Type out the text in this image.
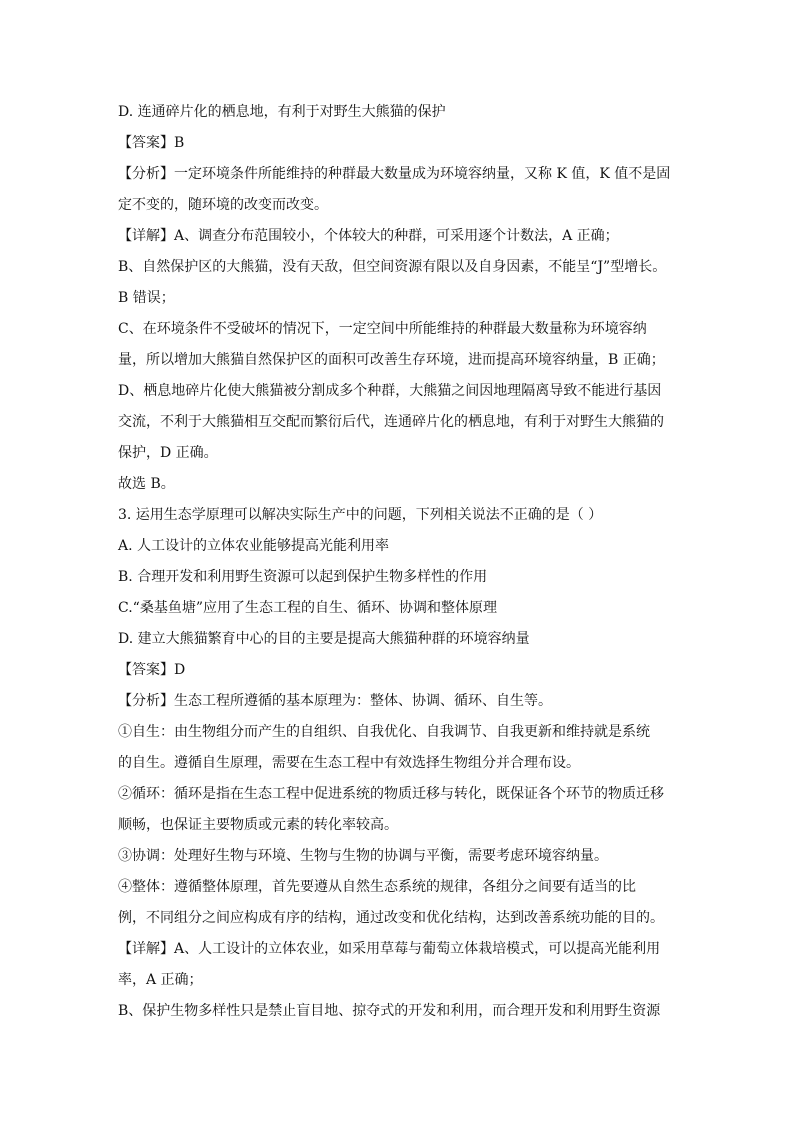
D. 连通碎片化的栖息地，有利于对野生大熊猫的保护
【答案】B
【分析】一定环境条件所能维持的种群最大数量成为环境容纳量，又称 K 值，K 值不是固
定不变的，随环境的改变而改变。
【详解】A、调查分布范围较小，个体较大的种群，可采用逐个计数法，A 正确；
B、自然保护区的大熊猫，没有天敌，但空间资源有限以及自身因素，不能呈“J”型增长。
B 错误；
C、在环境条件不受破坏的情况下，一定空间中所能维持的种群最大数量称为环境容纳
量，所以增加大熊猫自然保护区的面积可改善生存环境，进而提高环境容纳量，B 正确；
D、栖息地碎片化使大熊猫被分割成多个种群，大熊猫之间因地理隔离导致不能进行基因
交流，不利于大熊猫相互交配而繁衍后代，连通碎片化的栖息地，有利于对野生大熊猫的
保护，D 正确。
故选 B。
3. 运用生态学原理可以解决实际生产中的问题，下列相关说法不正确的是（ ）
A. 人工设计的立体农业能够提高光能利用率
B. 合理开发和利用野生资源可以起到保护生物多样性的作用
C.“桑基鱼塘”应用了生态工程的自生、循环、协调和整体原理
D. 建立大熊猫繁育中心的目的主要是提高大熊猫种群的环境容纳量
【答案】D
【分析】生态工程所遵循的基本原理为：整体、协调、循环、自生等。
①自生：由生物组分而产生的自组织、自我优化、自我调节、自我更新和维持就是系统
的自生。遵循自生原理，需要在生态工程中有效选择生物组分并合理布设。
②循环：循环是指在生态工程中促进系统的物质迁移与转化，既保证各个环节的物质迁移
顺畅，也保证主要物质或元素的转化率较高。
③协调：处理好生物与环境、生物与生物的协调与平衡，需要考虑环境容纳量。
④整体：遵循整体原理，首先要遵从自然生态系统的规律，各组分之间要有适当的比
例，不同组分之间应构成有序的结构，通过改变和优化结构，达到改善系统功能的目的。
【详解】A、人工设计的立体农业，如采用草莓与葡萄立体栽培模式，可以提高光能利用
率，A 正确；
B、保护生物多样性只是禁止盲目地、掠夺式的开发和利用，而合理开发和利用野生资源
